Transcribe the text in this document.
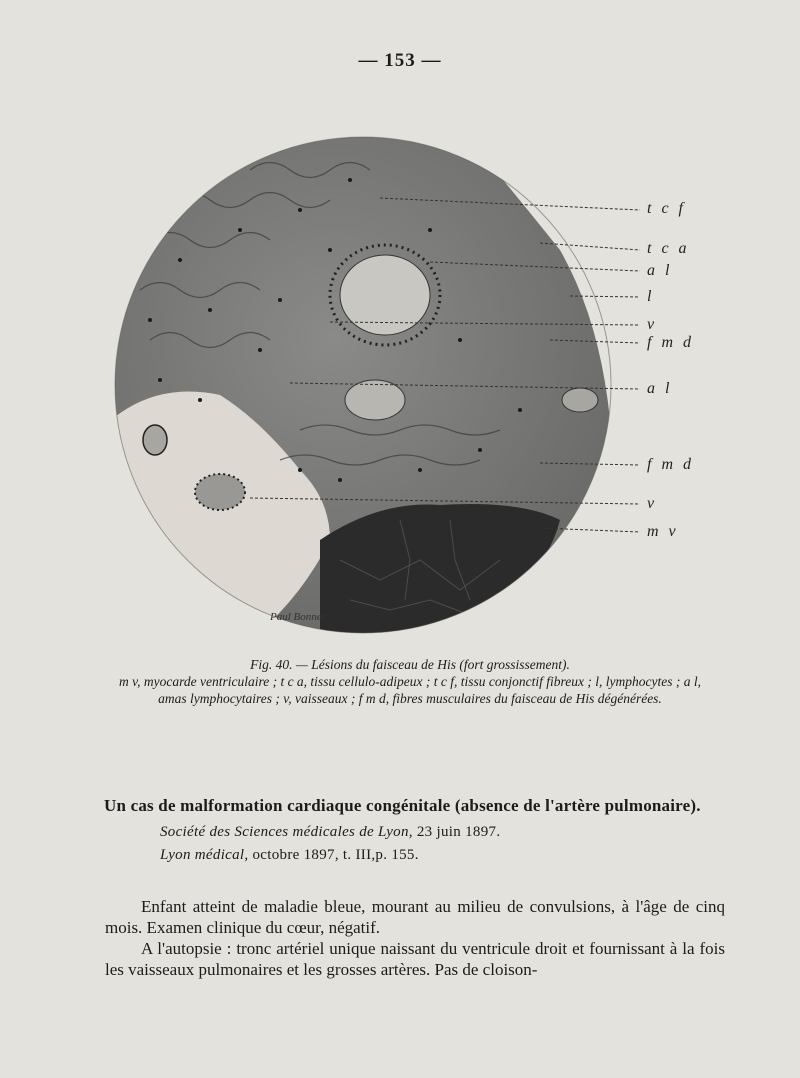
— 153 —
Paul Bonnet
t c f
t c a
a l
l
v
f m d
a l
f m d
v
m v
Fig. 40. — Lésions du faisceau de His (fort grossissement).
m v, myocarde ventriculaire ; t c a, tissu cellulo-adipeux ; t c f, tissu conjonctif fibreux ; l, lymphocytes ; a l, amas lymphocytaires ; v, vaisseaux ; f m d, fibres musculaires du faisceau de His dégénérées.
Un cas de malformation cardiaque congénitale (absence de l'artère pulmonaire).
Société des Sciences médicales de Lyon, 23 juin 1897.
Lyon médical, octobre 1897, t. III,p. 155.

Enfant atteint de maladie bleue, mourant au milieu de convulsions, à l'âge de cinq mois. Examen clinique du cœur, négatif.

A l'autopsie : tronc artériel unique naissant du ventricule droit et fournissant à la fois les vaisseaux pulmonaires et les grosses artères. Pas de cloison-
